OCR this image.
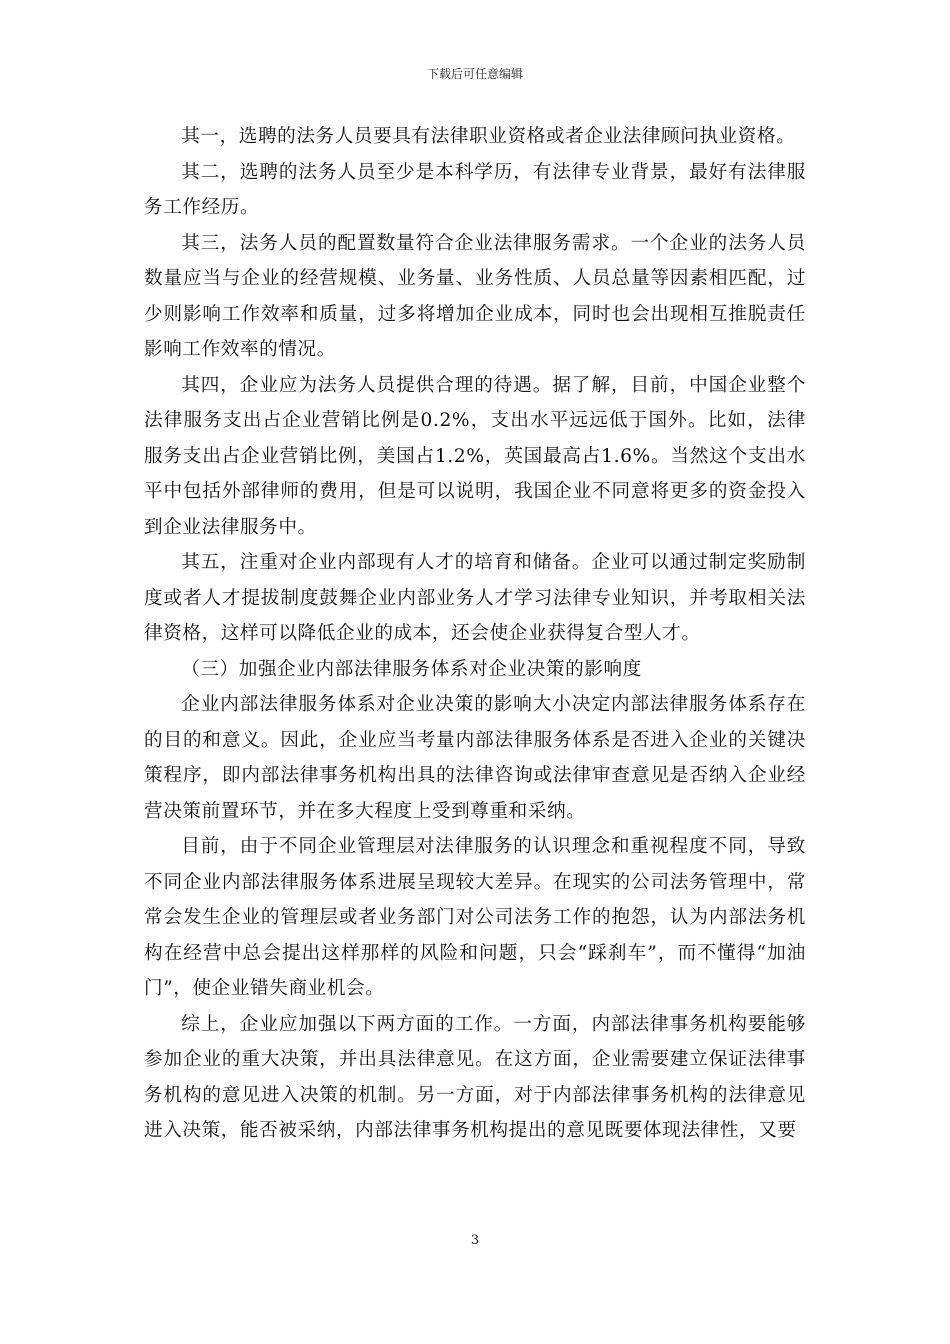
下载后可任意编辑

其一，选聘的法务人员要具有法律职业资格或者企业法律顾问执业资格。

其二，选聘的法务人员至少是本科学历，有法律专业背景，最好有法律服务工作经历。

其三，法务人员的配置数量符合企业法律服务需求。一个企业的法务人员数量应当与企业的经营规模、业务量、业务性质、人员总量等因素相匹配，过少则影响工作效率和质量，过多将增加企业成本，同时也会出现相互推脱责任影响工作效率的情况。

其四，企业应为法务人员提供合理的待遇。据了解，目前，中国企业整个法律服务支出占企业营销比例是0.2%，支出水平远远低于国外。比如，法律服务支出占企业营销比例，美国占1.2%，英国最高占1.6%。当然这个支出水平中包括外部律师的费用，但是可以说明，我国企业不同意将更多的资金投入到企业法律服务中。

其五，注重对企业内部现有人才的培育和储备。企业可以通过制定奖励制度或者人才提拔制度鼓舞企业内部业务人才学习法律专业知识，并考取相关法律资格，这样可以降低企业的成本，还会使企业获得复合型人才。

（三）加强企业内部法律服务体系对企业决策的影响度

企业内部法律服务体系对企业决策的影响大小决定内部法律服务体系存在的目的和意义。因此，企业应当考量内部法律服务体系是否进入企业的关键决策程序，即内部法律事务机构出具的法律咨询或法律审查意见是否纳入企业经营决策前置环节，并在多大程度上受到尊重和采纳。

目前，由于不同企业管理层对法律服务的认识理念和重视程度不同，导致不同企业内部法律服务体系进展呈现较大差异。在现实的公司法务管理中，常常会发生企业的管理层或者业务部门对公司法务工作的抱怨，认为内部法务机构在经营中总会提出这样那样的风险和问题，只会“踩刹车”，而不懂得“加油门”，使企业错失商业机会。

综上，企业应加强以下两方面的工作。一方面，内部法律事务机构要能够参加企业的重大决策，并出具法律意见。在这方面，企业需要建立保证法律事务机构的意见进入决策的机制。另一方面，对于内部法律事务机构的法律意见进入决策，能否被采纳，内部法律事务机构提出的意见既要体现法律性，又要

3
